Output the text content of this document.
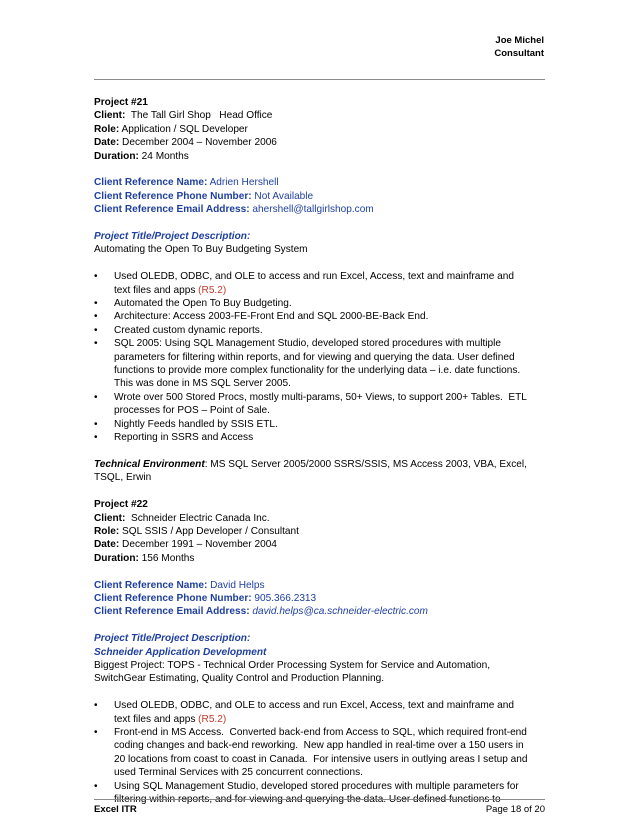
Joe Michel
Consultant
Project #21
Client:  The Tall Girl Shop   Head Office
Role: Application / SQL Developer
Date: December 2004 – November 2006
Duration: 24 Months
Client Reference Name: Adrien Hershell
Client Reference Phone Number: Not Available
Client Reference Email Address: ahershell@tallgirlshop.com
Project Title/Project Description:
Automating the Open To Buy Budgeting System
• Used OLEDB, ODBC, and OLE to access and run Excel, Access, text and mainframe and
text files and apps (R5.2)
• Automated the Open To Buy Budgeting.
• Architecture: Access 2003-FE-Front End and SQL 2000-BE-Back End.
• Created custom dynamic reports.
• SQL 2005: Using SQL Management Studio, developed stored procedures with multiple
parameters for filtering within reports, and for viewing and querying the data. User defined
functions to provide more complex functionality for the underlying data – i.e. date functions.
This was done in MS SQL Server 2005.
• Wrote over 500 Stored Procs, mostly multi-params, 50+ Views, to support 200+ Tables.  ETL
processes for POS – Point of Sale.
• Nightly Feeds handled by SSIS ETL.
• Reporting in SSRS and Access
Technical Environment: MS SQL Server 2005/2000 SSRS/SSIS, MS Access 2003, VBA, Excel,
TSQL, Erwin
Project #22
Client:  Schneider Electric Canada Inc.
Role: SQL SSIS / App Developer / Consultant
Date: December 1991 – November 2004
Duration: 156 Months
Client Reference Name: David Helps
Client Reference Phone Number: 905.366.2313
Client Reference Email Address: david.helps@ca.schneider-electric.com
Project Title/Project Description:
Schneider Application Development
Biggest Project: TOPS - Technical Order Processing System for Service and Automation,
SwitchGear Estimating, Quality Control and Production Planning.
• Used OLEDB, ODBC, and OLE to access and run Excel, Access, text and mainframe and
text files and apps (R5.2)
• Front-end in MS Access.  Converted back-end from Access to SQL, which required front-end
coding changes and back-end reworking.  New app handled in real-time over a 150 users in
20 locations from coast to coast in Canada.  For intensive users in outlying areas I setup and
used Terminal Services with 25 concurrent connections.
• Using SQL Management Studio, developed stored procedures with multiple parameters for
filtering within reports, and for viewing and querying the data. User defined functions to
Excel ITR	Page 18 of 20
